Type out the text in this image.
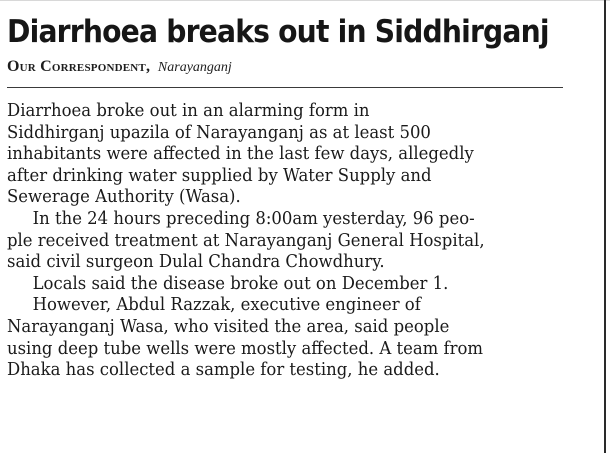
Diarrhoea breaks out in Siddhirganj
Our Correspondent, Narayanganj
Diarrhoea broke out in an alarming form in
Siddhirganj upazila of Narayanganj as at least 500
inhabitants were affected in the last few days, allegedly
after drinking water supplied by Water Supply and
Sewerage Authority (Wasa).
In the 24 hours preceding 8:00am yesterday, 96 peo-
ple received treatment at Narayanganj General Hospital,
said civil surgeon Dulal Chandra Chowdhury.
Locals said the disease broke out on December 1.
However, Abdul Razzak, executive engineer of
Narayanganj Wasa, who visited the area, said people
using deep tube wells were mostly affected. A team from
Dhaka has collected a sample for testing, he added.
